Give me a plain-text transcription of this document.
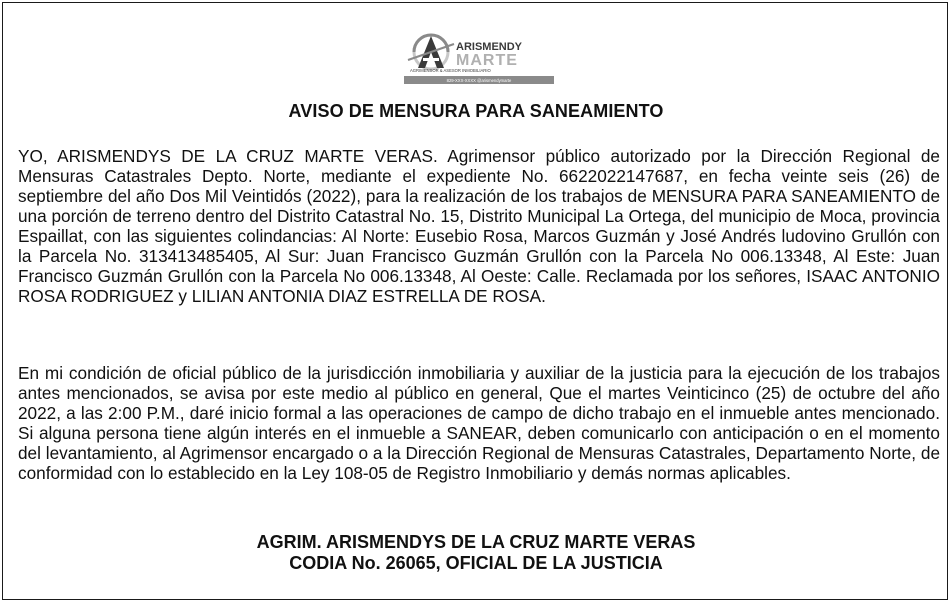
ARISMENDY
MARTE
AGRIMENSOR & ASESOR INMOBILIARIO
829-XXX-XXXX @arismendymarte
AVISO DE MENSURA PARA SANEAMIENTO

YO, ARISMENDYS DE LA CRUZ MARTE VERAS. Agrimensor público autorizado por la Dirección Regional de Mensuras Catastrales Depto. Norte, mediante el expediente No. 6622022147687, en fecha veinte seis (26) de septiembre del año Dos Mil Veintidós (2022), para la realización de los trabajos de MENSURA PARA SANEAMIENTO de una porción de terreno dentro del Distrito Catastral No. 15, Distrito Municipal La Ortega, del municipio de Moca, provincia Espaillat, con las siguientes colindancias: Al Norte: Eusebio Rosa, Marcos Guzmán y José Andrés ludovino Grullón con la Parcela No. 313413485405, Al Sur: Juan Francisco Guzmán Grullón con la Parcela No 006.13348, Al Este: Juan Francisco Guzmán Grullón con la Parcela No 006.13348, Al Oeste: Calle. Reclamada por los señores, ISAAC ANTONIO ROSA RODRIGUEZ y LILIAN ANTONIA DIAZ ESTRELLA DE ROSA.

En mi condición de oficial público de la jurisdicción inmobiliaria y auxiliar de la justicia para la ejecución de los trabajos antes mencionados, se avisa por este medio al público en general, Que el martes Veinticinco (25) de octubre del año 2022, a las 2:00 P.M., daré inicio formal a las operaciones de campo de dicho trabajo en el inmueble antes mencionado. Si alguna persona tiene algún interés en el inmueble a SANEAR, deben comunicarlo con anticipación o en el momento del levantamiento, al Agrimensor encargado o a la Dirección Regional de Mensuras Catastrales, Departamento Norte, de conformidad con lo establecido en la Ley 108-05 de Registro Inmobiliario y demás normas aplicables.

AGRIM. ARISMENDYS DE LA CRUZ MARTE VERAS
CODIA No. 26065, OFICIAL DE LA JUSTICIA
